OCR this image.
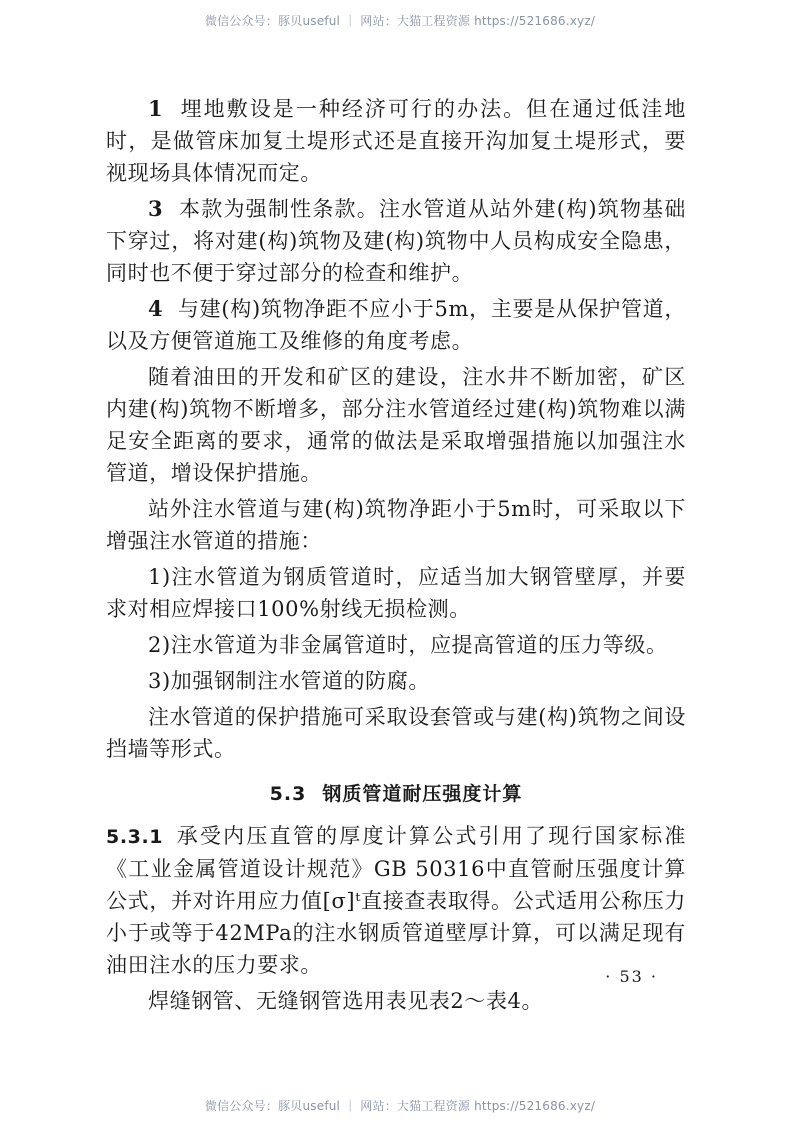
微信公众号：豚贝useful ｜ 网站：大猫工程资源 https://521686.xyz/

1 埋地敷设是一种经济可行的办法。但在通过低洼地时，是做管床加复土堤形式还是直接开沟加复土堤形式，要视现场具体情况而定。

3 本款为强制性条款。注水管道从站外建(构)筑物基础下穿过，将对建(构)筑物及建(构)筑物中人员构成安全隐患，同时也不便于穿过部分的检查和维护。

4 与建(构)筑物净距不应小于5m，主要是从保护管道，以及方便管道施工及维修的角度考虑。

随着油田的开发和矿区的建设，注水井不断加密，矿区内建(构)筑物不断增多，部分注水管道经过建(构)筑物难以满足安全距离的要求，通常的做法是采取增强措施以加强注水管道，增设保护措施。

站外注水管道与建(构)筑物净距小于5m时，可采取以下增强注水管道的措施：

1)注水管道为钢质管道时，应适当加大钢管壁厚，并要求对相应焊接口100%射线无损检测。

2)注水管道为非金属管道时，应提高管道的压力等级。

3)加强钢制注水管道的防腐。

注水管道的保护措施可采取设套管或与建(构)筑物之间设挡墙等形式。

5.3 钢质管道耐压强度计算

5.3.1 承受内压直管的厚度计算公式引用了现行国家标准《工业金属管道设计规范》GB 50316中直管耐压强度计算公式，并对许用应力值[σ]ᵗ直接查表取得。公式适用公称压力小于或等于42MPa的注水钢质管道壁厚计算，可以满足现有油田注水的压力要求。

焊缝钢管、无缝钢管选用表见表2～表4。

· 53 ·
微信公众号：豚贝useful ｜ 网站：大猫工程资源 https://521686.xyz/
